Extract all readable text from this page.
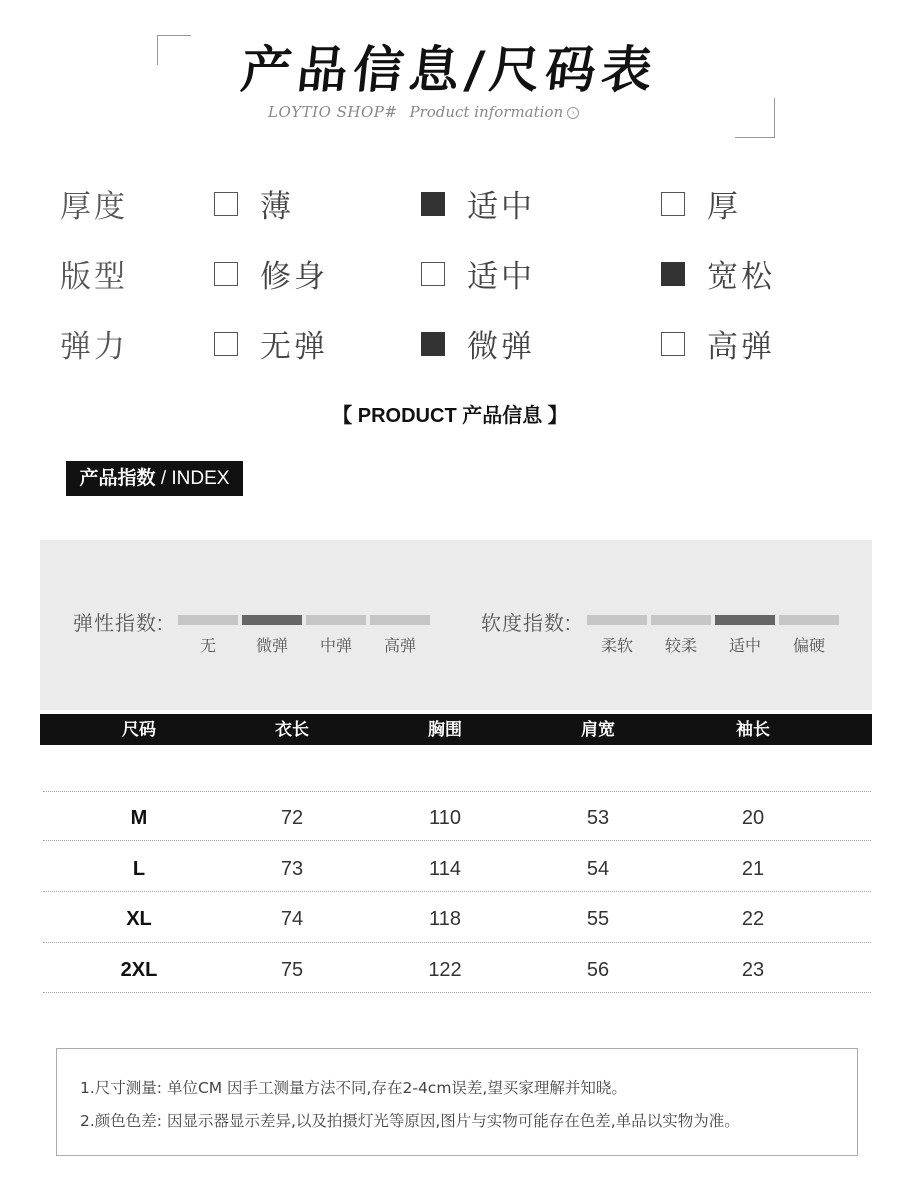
产品信息/尺码表
LOYTIO SHOP# Product information ›
厚度	薄	适中	厚
版型	修身	适中	宽松
弹力	无弹	微弹	高弹
【 PRODUCT 产品信息 】
产品指数 / INDEX
弹性指数:
无	微弹	中弹	高弹
软度指数:
柔软	较柔	适中	偏硬
尺码	衣长	胸围	肩宽	袖长
M	72	110	53	20
L	73	114	54	21
XL	74	118	55	22
2XL	75	122	56	23
1.尺寸测量: 单位CM 因手工测量方法不同,存在2-4cm误差,望买家理解并知晓。
2.颜色色差: 因显示器显示差异,以及拍摄灯光等原因,图片与实物可能存在色差,单品以实物为准。
